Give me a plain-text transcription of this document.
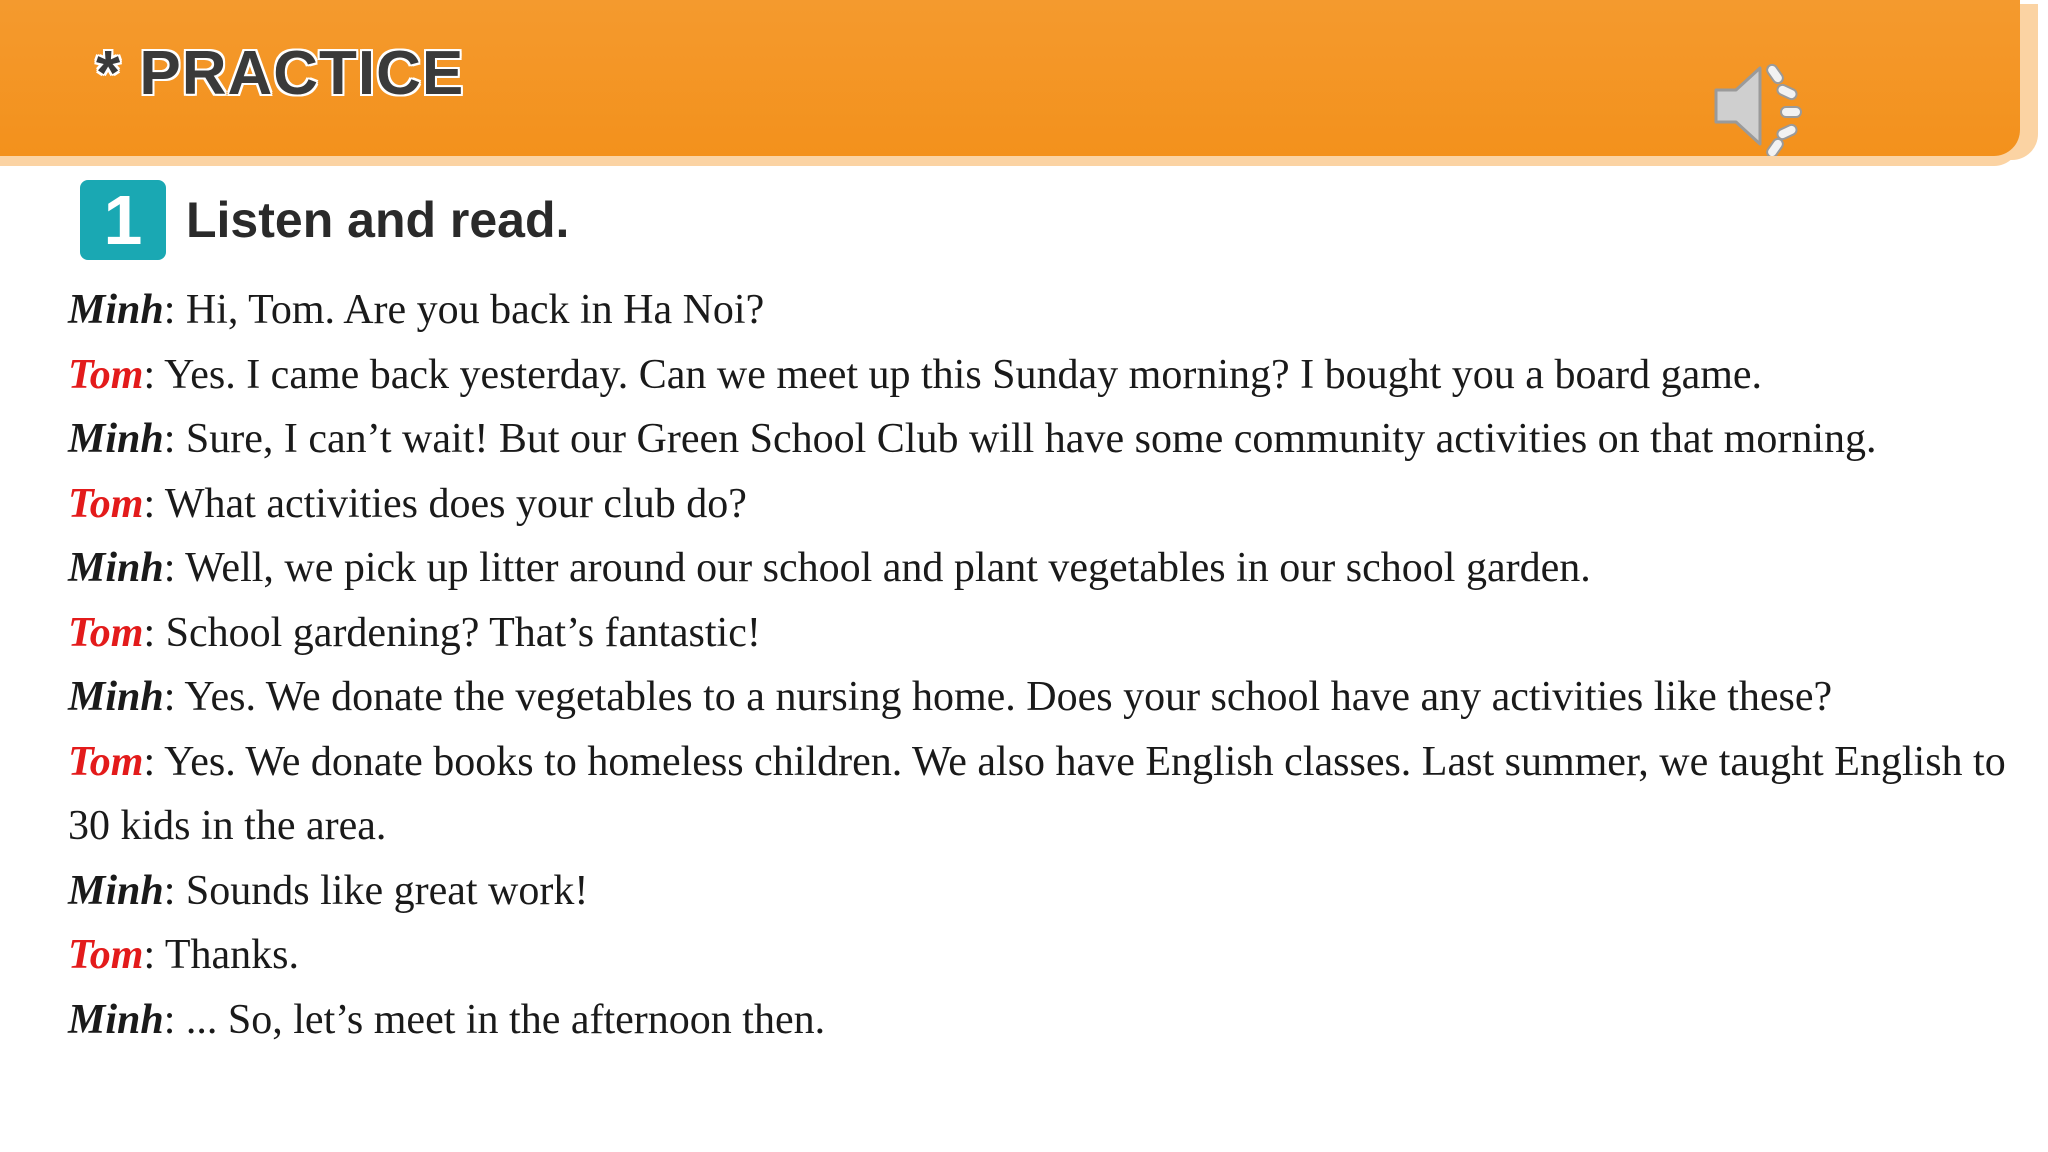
* PRACTICE
1 Listen and read.
Minh: Hi, Tom. Are you back in Ha Noi?
Tom: Yes. I came back yesterday. Can we meet up this Sunday morning? I bought you a board game.
Minh: Sure, I can’t wait! But our Green School Club will have some community activities on that morning.
Tom: What activities does your club do?
Minh: Well, we pick up litter around our school and plant vegetables in our school garden.
Tom: School gardening? That’s fantastic!
Minh: Yes. We donate the vegetables to a nursing home. Does your school have any activities like these?
Tom: Yes. We donate books to homeless children. We also have English classes. Last summer, we taught English to 30 kids in the area.
Minh: Sounds like great work!
Tom: Thanks.
Minh: ... So, let’s meet in the afternoon then.
